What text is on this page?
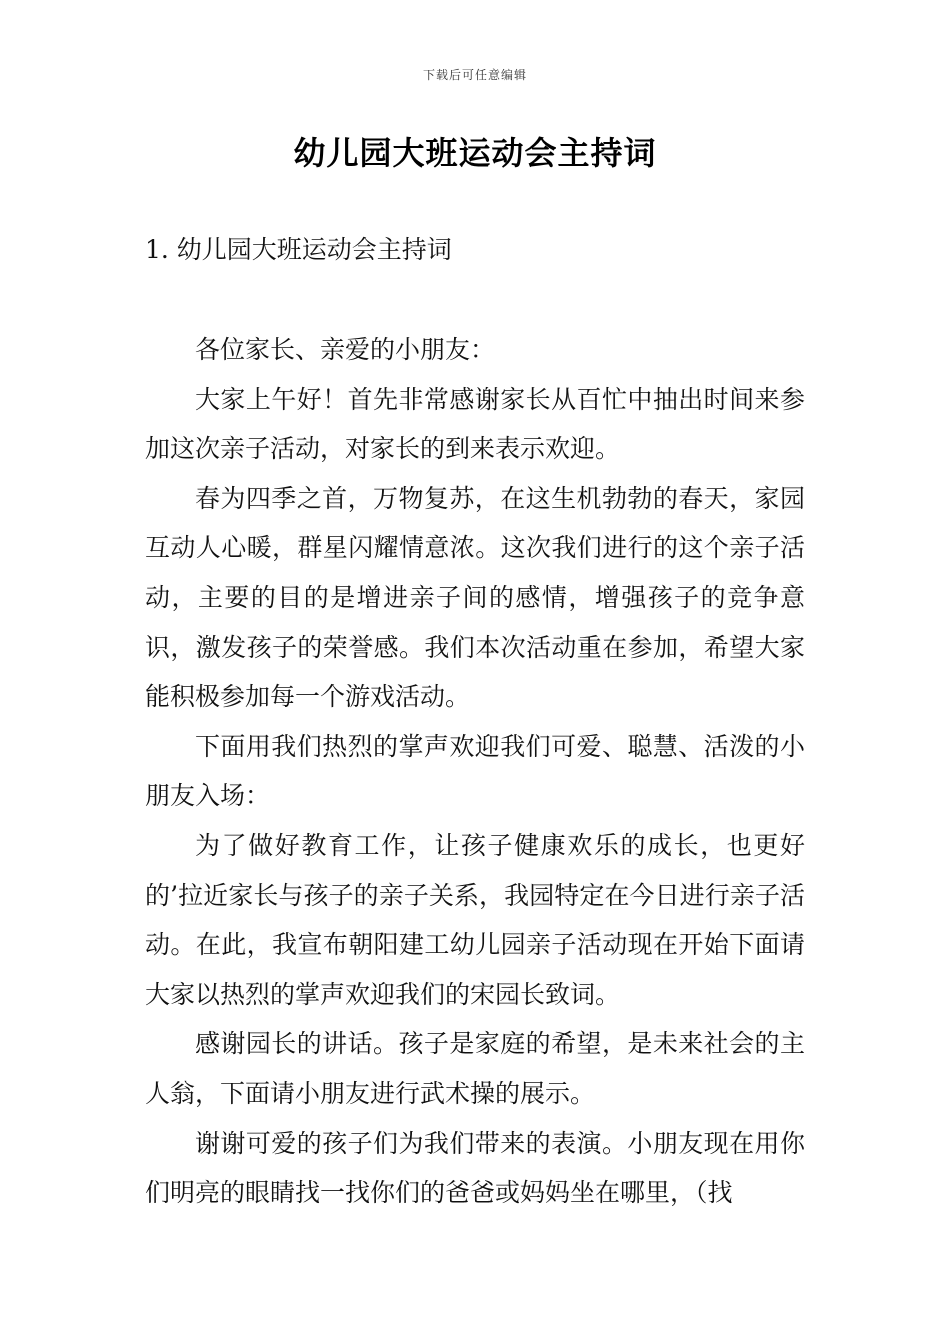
下载后可任意编辑
幼儿园大班运动会主持词
1. 幼儿园大班运动会主持词

各位家长、亲爱的小朋友：

大家上午好！首先非常感谢家长从百忙中抽出时间来参加这次亲子活动，对家长的到来表示欢迎。

春为四季之首，万物复苏，在这生机勃勃的春天，家园互动人心暖，群星闪耀情意浓。这次我们进行的这个亲子活动，主要的目的是增进亲子间的感情，增强孩子的竞争意识，激发孩子的荣誉感。我们本次活动重在参加，希望大家能积极参加每一个游戏活动。

下面用我们热烈的掌声欢迎我们可爱、聪慧、活泼的小朋友入场：

为了做好教育工作，让孩子健康欢乐的成长，也更好的’拉近家长与孩子的亲子关系，我园特定在今日进行亲子活动。在此，我宣布朝阳建工幼儿园亲子活动现在开始下面请大家以热烈的掌声欢迎我们的宋园长致词。

感谢园长的讲话。孩子是家庭的希望，是未来社会的主人翁，下面请小朋友进行武术操的展示。

谢谢可爱的孩子们为我们带来的表演。小朋友现在用你们明亮的眼睛找一找你们的爸爸或妈妈坐在哪里，（找
